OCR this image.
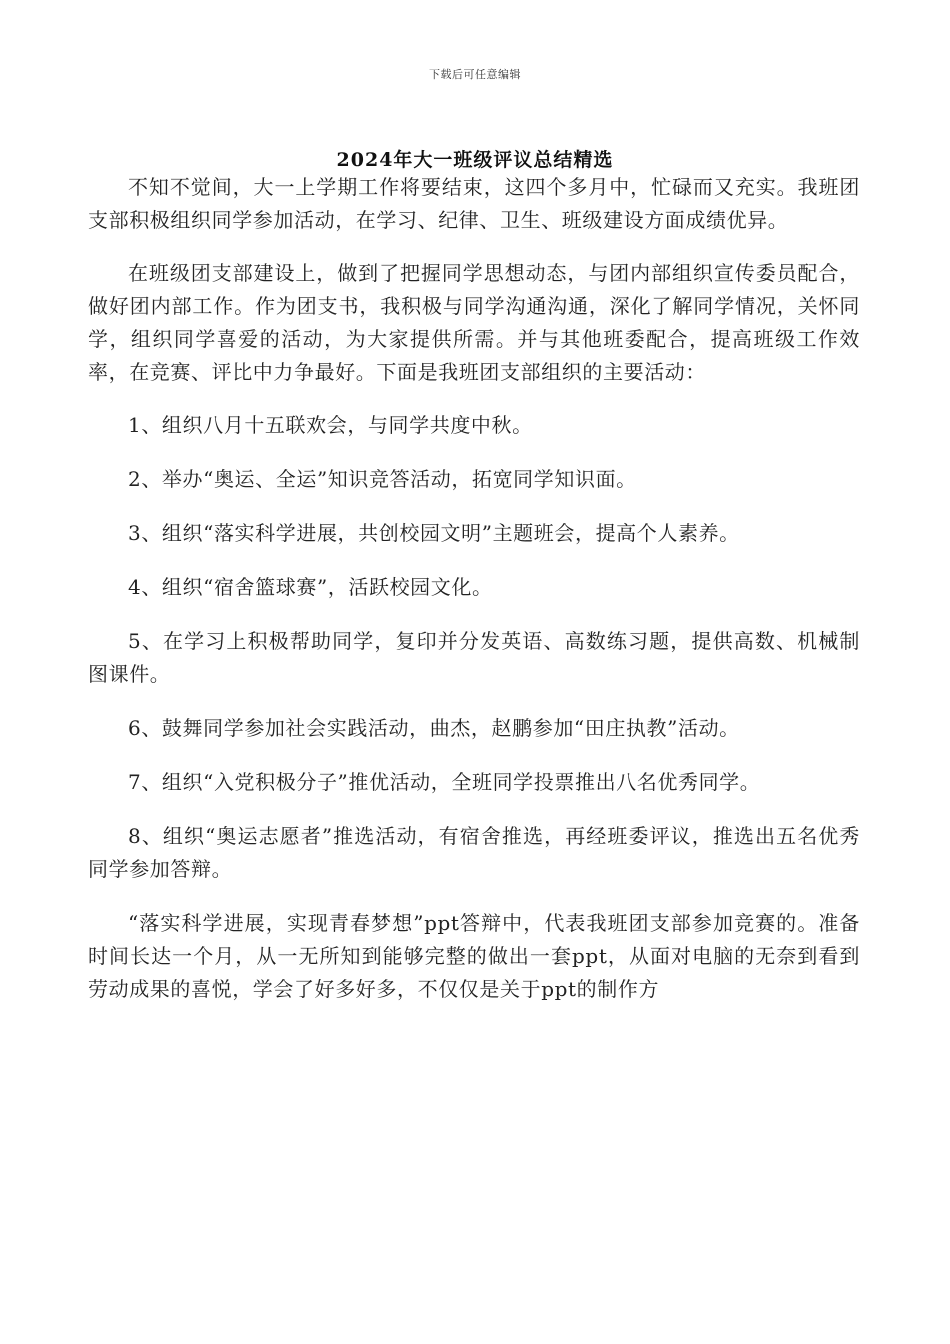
下载后可任意编辑
2024年大一班级评议总结精选

不知不觉间，大一上学期工作将要结束，这四个多月中，忙碌而又充实。我班团支部积极组织同学参加活动，在学习、纪律、卫生、班级建设方面成绩优异。

在班级团支部建设上，做到了把握同学思想动态，与团内部组织宣传委员配合，做好团内部工作。作为团支书，我积极与同学沟通沟通，深化了解同学情况，关怀同学，组织同学喜爱的活动，为大家提供所需。并与其他班委配合，提高班级工作效率，在竞赛、评比中力争最好。下面是我班团支部组织的主要活动：

1、组织八月十五联欢会，与同学共度中秋。

2、举办“奥运、全运”知识竞答活动，拓宽同学知识面。

3、组织“落实科学进展，共创校园文明”主题班会，提高个人素养。

4、组织“宿舍篮球赛”，活跃校园文化。

5、在学习上积极帮助同学，复印并分发英语、高数练习题，提供高数、机械制图课件。

6、鼓舞同学参加社会实践活动，曲杰，赵鹏参加“田庄执教”活动。

7、组织“入党积极分子”推优活动，全班同学投票推出八名优秀同学。

8、组织“奥运志愿者”推选活动，有宿舍推选，再经班委评议，推选出五名优秀同学参加答辩。

“落实科学进展，实现青春梦想”ppt答辩中，代表我班团支部参加竞赛的。准备时间长达一个月，从一无所知到能够完整的做出一套ppt，从面对电脑的无奈到看到劳动成果的喜悦，学会了好多好多，不仅仅是关于ppt的制作方
